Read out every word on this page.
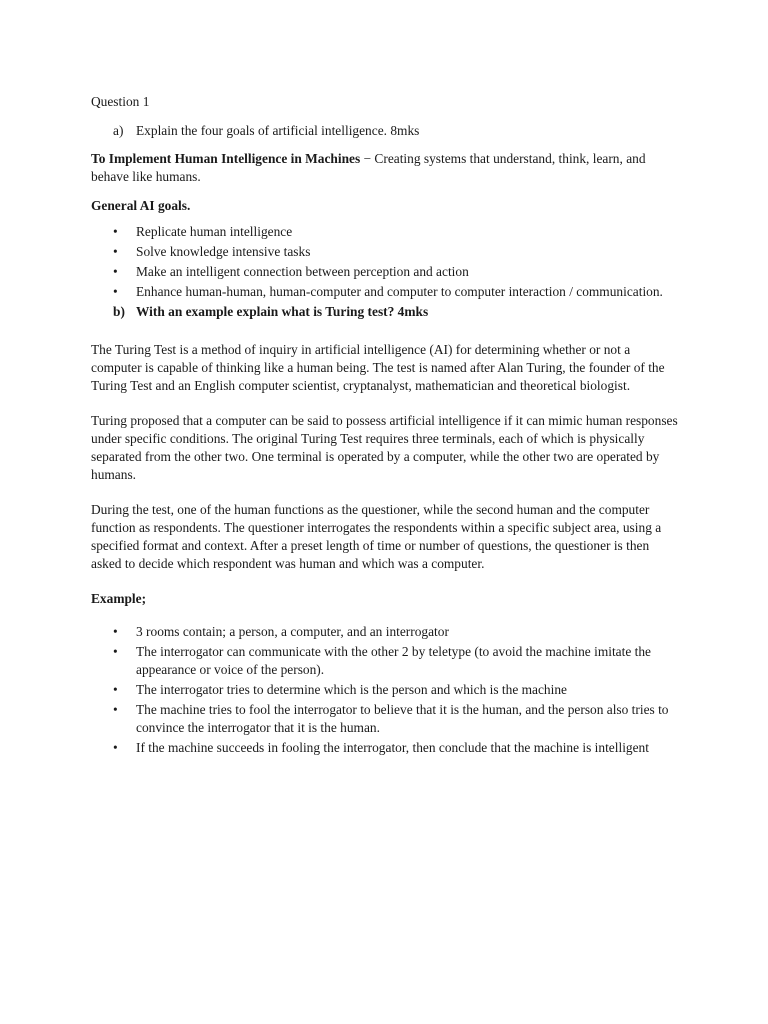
Question 1

a) Explain the four goals of artificial intelligence. 8mks

To Implement Human Intelligence in Machines − Creating systems that understand, think, learn, and behave like humans.

General AI goals.

• Replicate human intelligence
• Solve knowledge intensive tasks
• Make an intelligent connection between perception and action
• Enhance human-human, human-computer and computer to computer interaction / communication.
b) With an example explain what is Turing test? 4mks

The Turing Test is a method of inquiry in artificial intelligence (AI) for determining whether or not a computer is capable of thinking like a human being. The test is named after Alan Turing, the founder of the Turing Test and an English computer scientist, cryptanalyst, mathematician and theoretical biologist.

Turing proposed that a computer can be said to possess artificial intelligence if it can mimic human responses under specific conditions. The original Turing Test requires three terminals, each of which is physically separated from the other two. One terminal is operated by a computer, while the other two are operated by humans.

During the test, one of the human functions as the questioner, while the second human and the computer function as respondents. The questioner interrogates the respondents within a specific subject area, using a specified format and context. After a preset length of time or number of questions, the questioner is then asked to decide which respondent was human and which was a computer.

Example;

• 3 rooms contain; a person, a computer, and an interrogator
• The interrogator can communicate with the other 2 by teletype (to avoid the machine imitate the appearance or voice of the person).
• The interrogator tries to determine which is the person and which is the machine
• The machine tries to fool the interrogator to believe that it is the human, and the person also tries to convince the interrogator that it is the human.
• If the machine succeeds in fooling the interrogator, then conclude that the machine is intelligent
